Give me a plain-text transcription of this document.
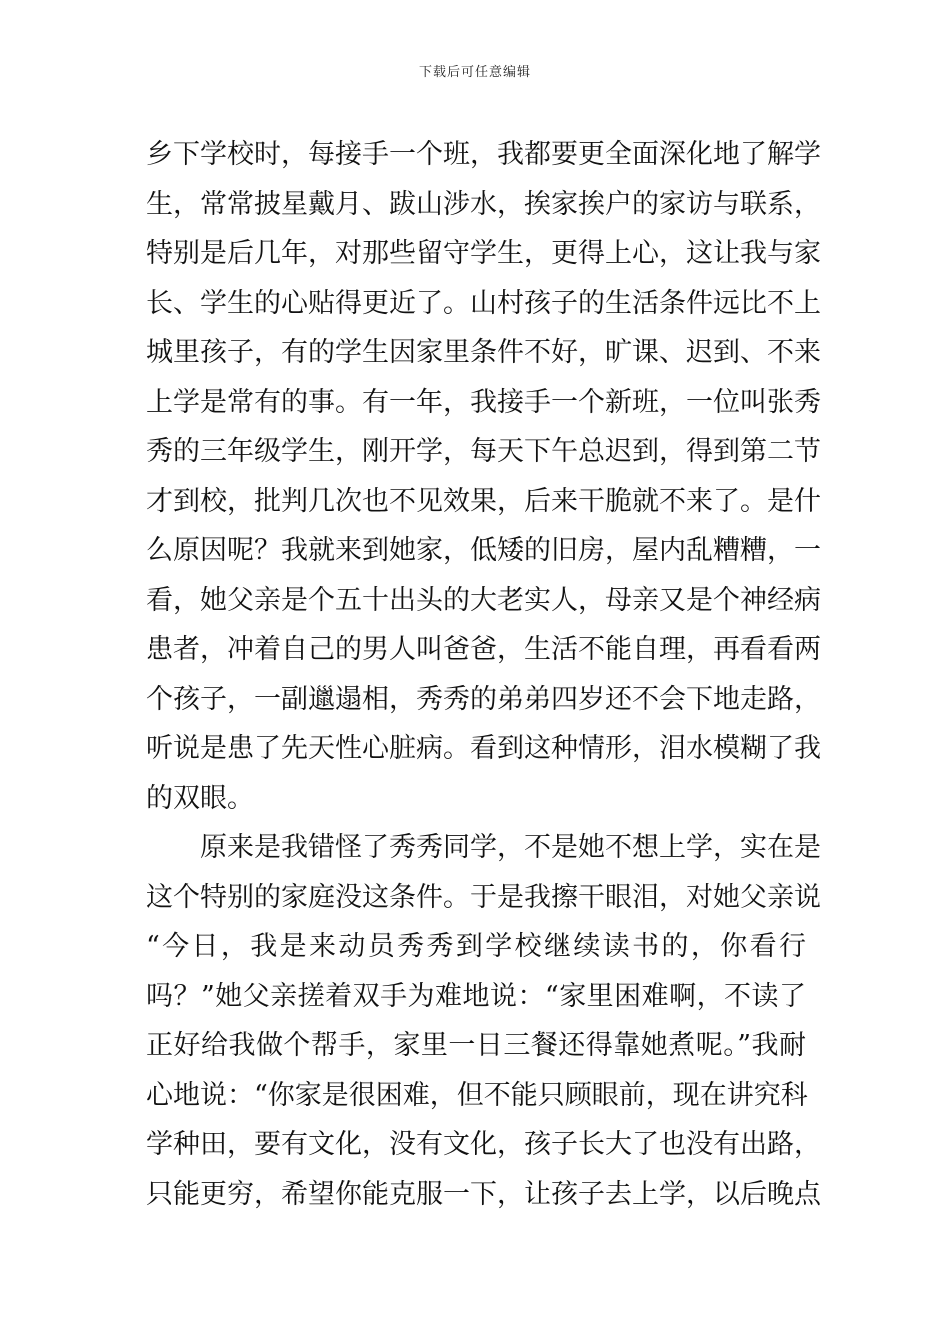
下载后可任意编辑
乡下学校时，每接手一个班，我都要更全面深化地了解学
生，常常披星戴月、跋山涉水，挨家挨户的家访与联系，
特别是后几年，对那些留守学生，更得上心，这让我与家
长、学生的心贴得更近了。山村孩子的生活条件远比不上
城里孩子，有的学生因家里条件不好，旷课、迟到、不来
上学是常有的事。有一年，我接手一个新班，一位叫张秀
秀的三年级学生，刚开学，每天下午总迟到，得到第二节
才到校，批判几次也不见效果，后来干脆就不来了。是什
么原因呢？我就来到她家，低矮的旧房，屋内乱糟糟，一
看，她父亲是个五十出头的大老实人，母亲又是个神经病
患者，冲着自己的男人叫爸爸，生活不能自理，再看看两
个孩子，一副邋遢相，秀秀的弟弟四岁还不会下地走路，
听说是患了先天性心脏病。看到这种情形，泪水模糊了我
的双眼。
原来是我错怪了秀秀同学，不是她不想上学，实在是
这个特别的家庭没这条件。于是我擦干眼泪，对她父亲说
“今日，我是来动员秀秀到学校继续读书的，你看行
吗？”她父亲搓着双手为难地说：“家里困难啊，不读了
正好给我做个帮手，家里一日三餐还得靠她煮呢。”我耐
心地说：“你家是很困难，但不能只顾眼前，现在讲究科
学种田，要有文化，没有文化，孩子长大了也没有出路，
只能更穷，希望你能克服一下，让孩子去上学，以后晚点
